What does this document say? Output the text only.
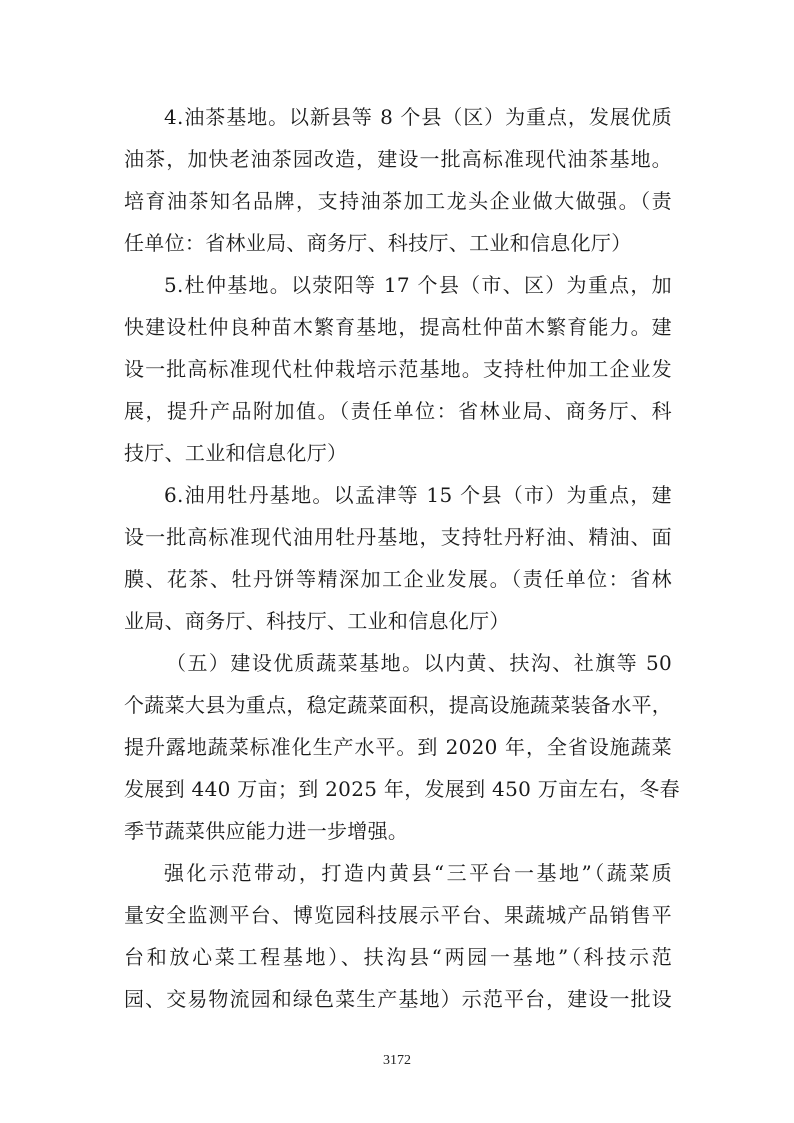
4.油茶基地。以新县等 8 个县（区）为重点，发展优质
油茶，加快老油茶园改造，建设一批高标准现代油茶基地。
培育油茶知名品牌，支持油茶加工龙头企业做大做强。（责
任单位：省林业局、商务厅、科技厅、工业和信息化厅）
5.杜仲基地。以荥阳等 17 个县（市、区）为重点，加
快建设杜仲良种苗木繁育基地，提高杜仲苗木繁育能力。建
设一批高标准现代杜仲栽培示范基地。支持杜仲加工企业发
展，提升产品附加值。（责任单位：省林业局、商务厅、科
技厅、工业和信息化厅）
6.油用牡丹基地。以孟津等 15 个县（市）为重点，建
设一批高标准现代油用牡丹基地，支持牡丹籽油、精油、面
膜、花茶、牡丹饼等精深加工企业发展。（责任单位：省林
业局、商务厅、科技厅、工业和信息化厅）
（五）建设优质蔬菜基地。以内黄、扶沟、社旗等 50
个蔬菜大县为重点，稳定蔬菜面积，提高设施蔬菜装备水平，
提升露地蔬菜标准化生产水平。到 2020 年，全省设施蔬菜
发展到 440 万亩；到 2025 年，发展到 450 万亩左右，冬春
季节蔬菜供应能力进一步增强。
强化示范带动，打造内黄县“三平台一基地”（蔬菜质
量安全监测平台、博览园科技展示平台、果蔬城产品销售平
台和放心菜工程基地）、扶沟县“两园一基地”（科技示范
园、交易物流园和绿色菜生产基地）示范平台，建设一批设
3172
